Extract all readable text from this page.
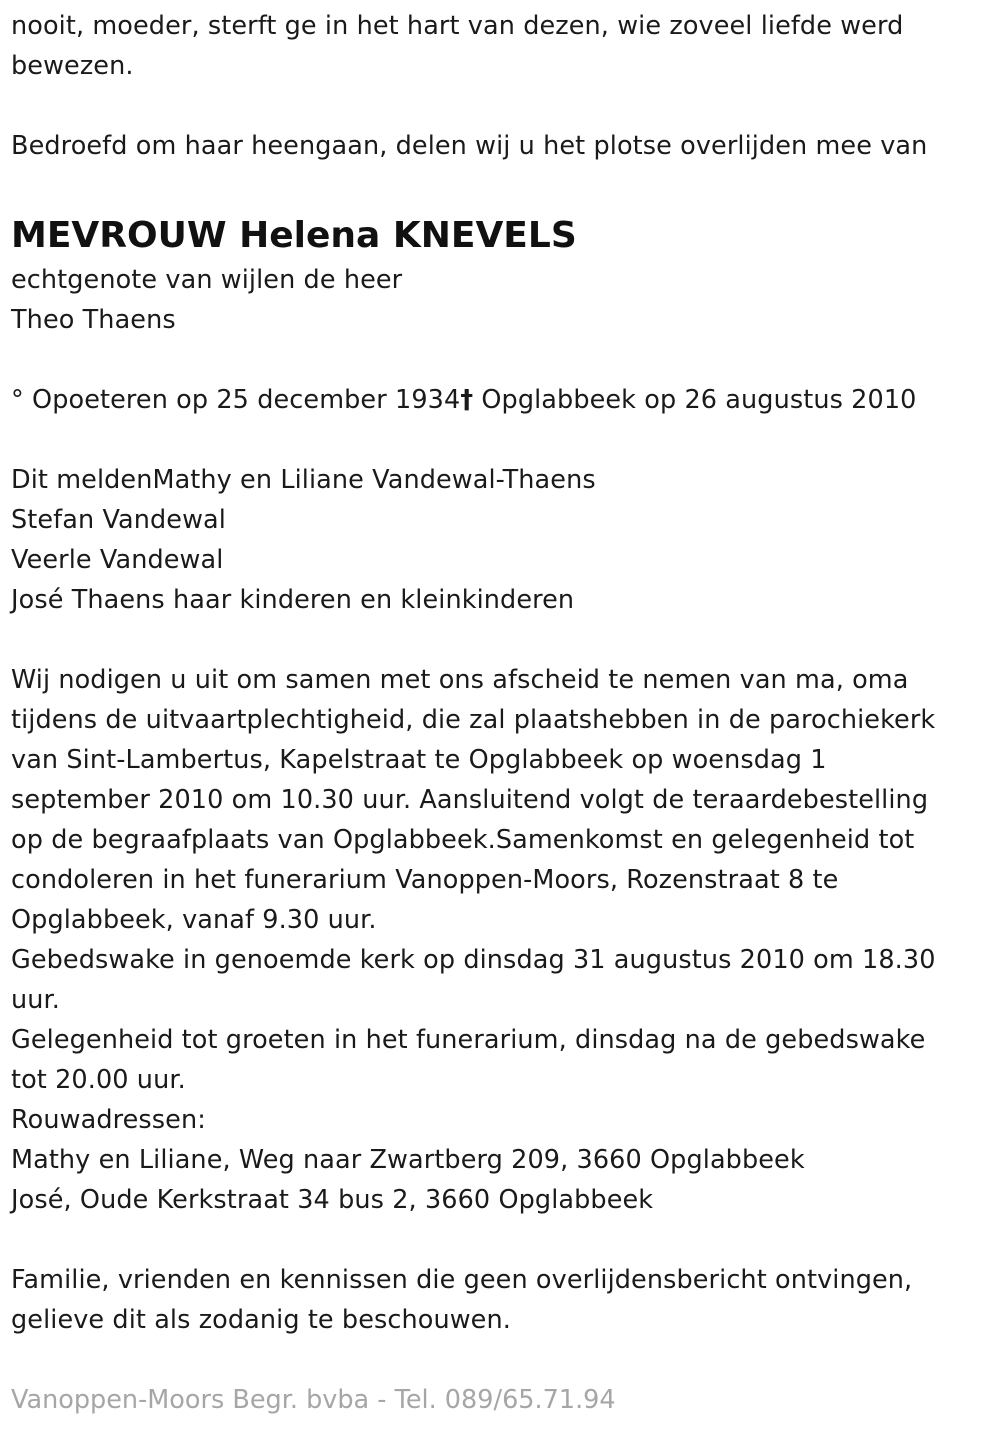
nooit, moeder, sterft ge in het hart van dezen, wie zoveel liefde werd
bewezen.
Bedroefd om haar heengaan, delen wij u het plotse overlijden mee van
MEVROUW Helena KNEVELS
echtgenote van wijlen de heer
Theo Thaens
° Opoeteren op 25 december 1934† Opglabbeek op 26 augustus 2010
Dit meldenMathy en Liliane Vandewal-Thaens
Stefan Vandewal
Veerle Vandewal
José Thaens haar kinderen en kleinkinderen
Wij nodigen u uit om samen met ons afscheid te nemen van ma, oma
tijdens de uitvaartplechtigheid, die zal plaatshebben in de parochiekerk
van Sint-Lambertus, Kapelstraat te Opglabbeek op woensdag 1
september 2010 om 10.30 uur. Aansluitend volgt de teraardebestelling
op de begraafplaats van Opglabbeek.Samenkomst en gelegenheid tot
condoleren in het funerarium Vanoppen-Moors, Rozenstraat 8 te
Opglabbeek, vanaf 9.30 uur.
Gebedswake in genoemde kerk op dinsdag 31 augustus 2010 om 18.30
uur.
Gelegenheid tot groeten in het funerarium, dinsdag na de gebedswake
tot 20.00 uur.
Rouwadressen:
Mathy en Liliane, Weg naar Zwartberg 209, 3660 Opglabbeek
José, Oude Kerkstraat 34 bus 2, 3660 Opglabbeek
Familie, vrienden en kennissen die geen overlijdensbericht ontvingen,
gelieve dit als zodanig te beschouwen.
Vanoppen-Moors Begr. bvba - Tel. 089/65.71.94
